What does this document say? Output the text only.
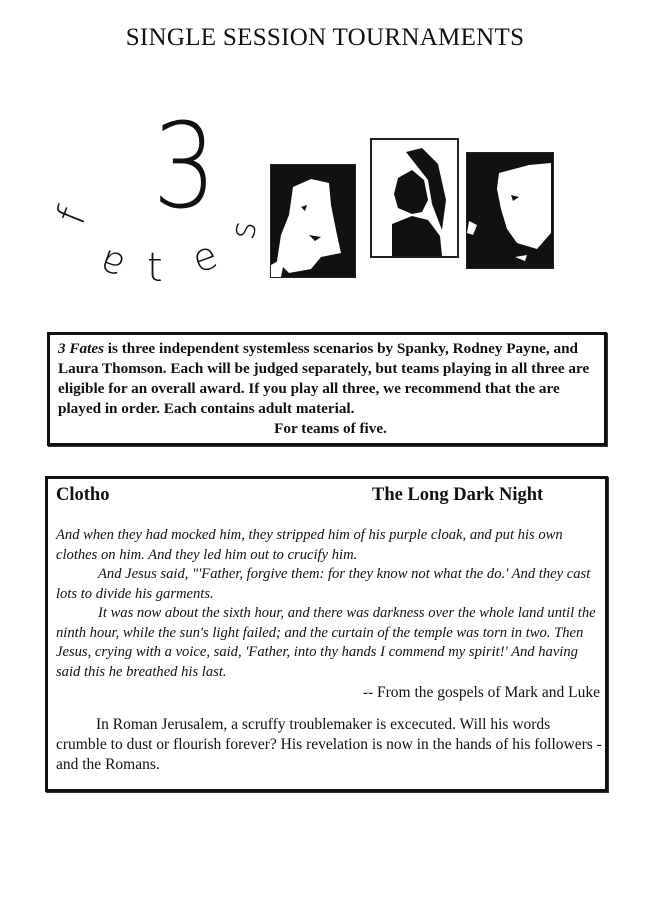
SINGLE SESSION TOURNAMENTS
3
f
a t e
s
3 Fates is three independent systemless scenarios by Spanky, Rodney Payne, and Laura Thomson. Each will be judged separately, but teams playing in all three are eligible for an overall award. If you play all three, we recommend that the are played in order. Each contains adult material.
For teams of five.
Clotho	The Long Dark Night

And when they had mocked him, they stripped him of his purple cloak, and put his own clothes on him. And they led him out to crucify him.

And Jesus said, "'Father, forgive them: for they know not what the do.' And they cast lots to divide his garments.

It was now about the sixth hour, and there was darkness over the whole land until the ninth hour, while the sun's light failed; and the curtain of the temple was torn in two. Then Jesus, crying with a voice, said, 'Father, into thy hands I commend my spirit!' And having said this he breathed his last.

-- From the gospels of Mark and Luke
In Roman Jerusalem, a scruffy troublemaker is excecuted. Will his words crumble to dust or flourish forever? His revelation is now in the hands of his followers - and the Romans.
